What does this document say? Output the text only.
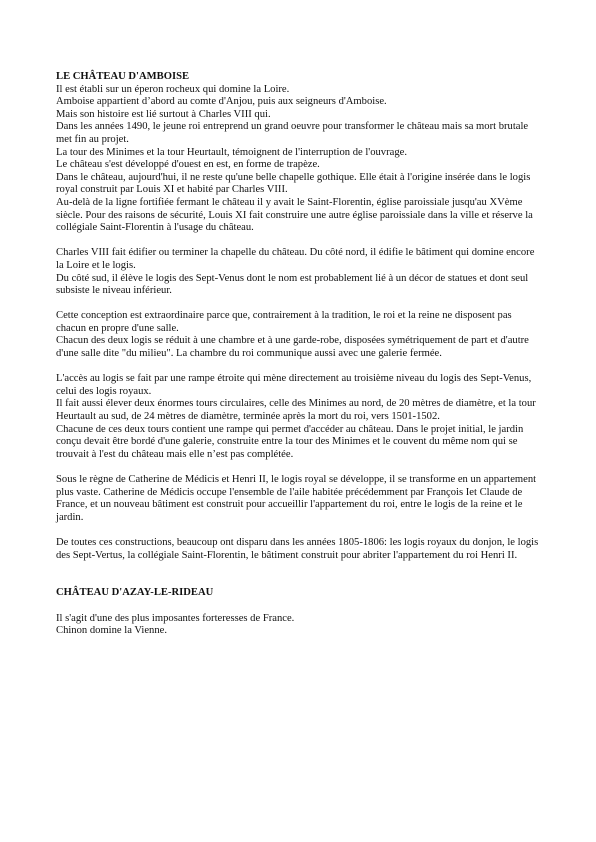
LE CHÂTEAU D'AMBOISE

Il est établi sur un éperon rocheux qui domine la Loire.

Amboise appartient d’abord au comte d'Anjou, puis aux seigneurs d'Amboise.

Mais son histoire est lié surtout à Charles VIII qui.

Dans les années 1490, le jeune roi entreprend un grand oeuvre pour transformer le château mais sa mort brutale met fin au projet.

La tour des Minimes et la tour Heurtault, témoignent de l'interruption de l'ouvrage.

Le château s'est développé d'ouest en est, en forme de trapèze.

Dans le château, aujourd'hui, il ne reste qu'une belle chapelle gothique. Elle était à l'origine insérée dans le logis royal construit par Louis XI et habité par Charles VIII.

Au-delà de la ligne fortifiée fermant le château il y avait le Saint-Florentin, église paroissiale jusqu'au XVème siècle. Pour des raisons de sécurité, Louis XI fait construire une autre église paroissiale dans la ville et réserve la collégiale Saint-Florentin à l'usage du château.

Charles VIII fait édifier ou terminer la chapelle du château. Du côté nord, il édifie le bâtiment qui domine encore la Loire et le logis.

Du côté sud, il élève le logis des Sept-Venus dont le nom est probablement lié à un décor de statues et dont seul subsiste le niveau inférieur.

Cette conception est extraordinaire parce que, contrairement à la tradition, le roi et la reine ne disposent pas chacun en propre d'une salle.

Chacun des deux logis se réduit à une chambre et à une garde-robe, disposées symétriquement de part et d'autre d'une salle dite "du milieu". La chambre du roi communique aussi avec une galerie fermée.

L'accès au logis se fait par une rampe étroite qui mène directement au troisième niveau du logis des Sept-Venus, celui des logis royaux.

Il fait aussi élever deux énormes tours circulaires, celle des Minimes au nord, de 20 mètres de diamètre, et la tour Heurtault au sud, de 24 mètres de diamètre, terminée après la mort du roi, vers 1501-1502.

Chacune de ces deux tours contient une rampe qui permet d'accéder au château. Dans le projet initial, le jardin conçu devait être bordé d'une galerie, construite entre la tour des Minimes et le couvent du même nom qui se trouvait à l'est du château mais elle n’est pas complétée.

Sous le règne de Catherine de Médicis et Henri II, le logis royal se développe, il se transforme en un appartement plus vaste. Catherine de Médicis occupe l'ensemble de l'aile habitée précédemment par François Iet Claude de France, et un nouveau bâtiment est construit pour accueillir l'appartement du roi, entre le logis de la reine et le jardin.

De toutes ces constructions, beaucoup ont disparu dans les années 1805-1806: les logis royaux du donjon, le logis des Sept-Vertus, la collégiale Saint-Florentin, le bâtiment construit pour abriter l'appartement du roi Henri II.

CHÂTEAU D'AZAY-LE-RIDEAU

Il s'agit d'une des plus imposantes forteresses de France.

Chinon domine la Vienne.
